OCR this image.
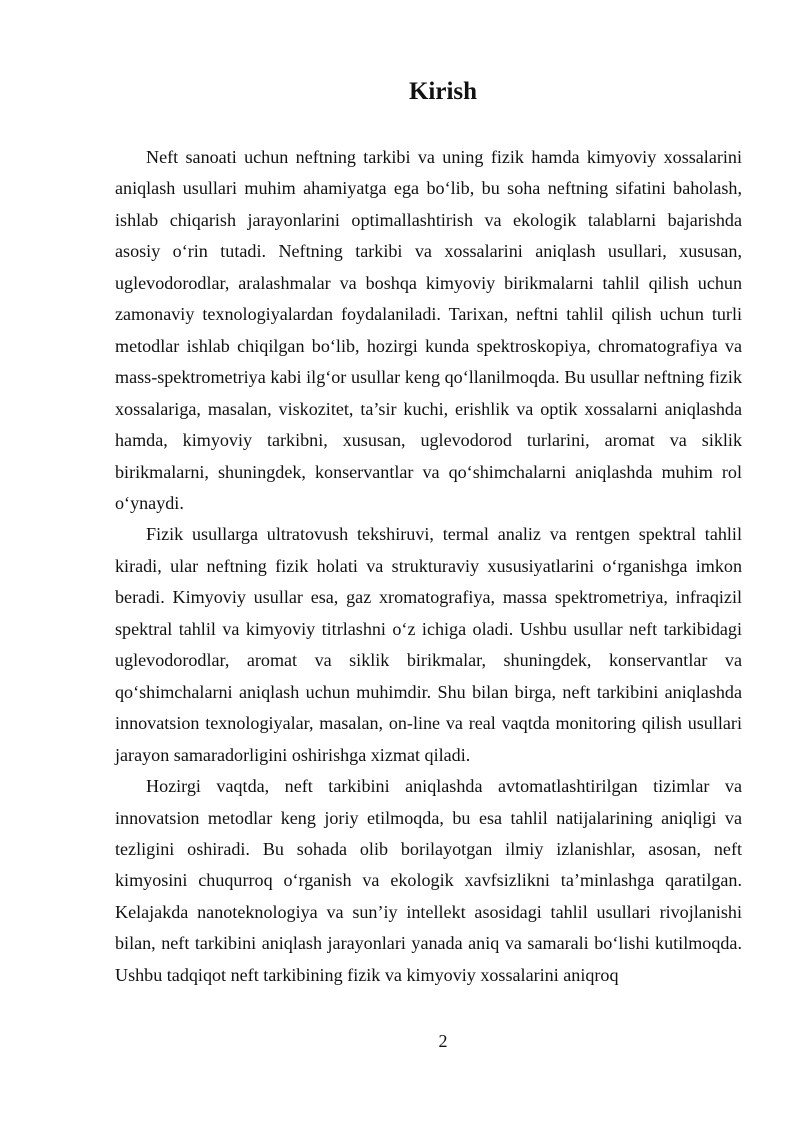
Kirish

Neft sanoati uchun neftning tarkibi va uning fizik hamda kimyoviy xossalarini aniqlash usullari muhim ahamiyatga ega bo‘lib, bu soha neftning sifatini baholash, ishlab chiqarish jarayonlarini optimallashtirish va ekologik talablarni bajarishda asosiy o‘rin tutadi. Neftning tarkibi va xossalarini aniqlash usullari, xususan, uglevodorodlar, aralashmalar va boshqa kimyoviy birikmalarni tahlil qilish uchun zamonaviy texnologiyalardan foydalaniladi. Tarixan, neftni tahlil qilish uchun turli metodlar ishlab chiqilgan bo‘lib, hozirgi kunda spektroskopiya, chromatografiya va mass-spektrometriya kabi ilg‘or usullar keng qo‘llanilmoqda. Bu usullar neftning fizik xossalariga, masalan, viskozitet, ta’sir kuchi, erishlik va optik xossalarni aniqlashda hamda, kimyoviy tarkibni, xususan, uglevodorod turlarini, aromat va siklik birikmalarni, shuningdek, konservantlar va qo‘shimchalarni aniqlashda muhim rol o‘ynaydi.

Fizik usullarga ultratovush tekshiruvi, termal analiz va rentgen spektral tahlil kiradi, ular neftning fizik holati va strukturaviy xususiyatlarini o‘rganishga imkon beradi. Kimyoviy usullar esa, gaz xromatografiya, massa spektrometriya, infraqizil spektral tahlil va kimyoviy titrlashni o‘z ichiga oladi. Ushbu usullar neft tarkibidagi uglevodorodlar, aromat va siklik birikmalar, shuningdek, konservantlar va qo‘shimchalarni aniqlash uchun muhimdir. Shu bilan birga, neft tarkibini aniqlashda innovatsion texnologiyalar, masalan, on-line va real vaqtda monitoring qilish usullari jarayon samaradorligini oshirishga xizmat qiladi.

Hozirgi vaqtda, neft tarkibini aniqlashda avtomatlashtirilgan tizimlar va innovatsion metodlar keng joriy etilmoqda, bu esa tahlil natijalarining aniqligi va tezligini oshiradi. Bu sohada olib borilayotgan ilmiy izlanishlar, asosan, neft kimyosini chuqurroq o‘rganish va ekologik xavfsizlikni ta’minlashga qaratilgan. Kelajakda nanoteknologiya va sun’iy intellekt asosidagi tahlil usullari rivojlanishi bilan, neft tarkibini aniqlash jarayonlari yanada aniq va samarali bo‘lishi kutilmoqda. Ushbu tadqiqot neft tarkibining fizik va kimyoviy xossalarini aniqroq

2
